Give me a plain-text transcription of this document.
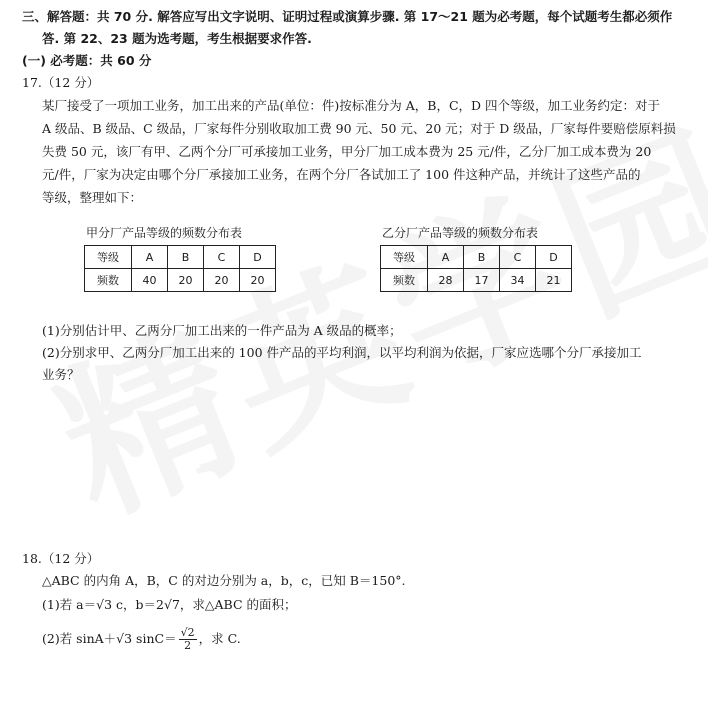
三、解答题：共 70 分. 解答应写出文字说明、证明过程或演算步骤. 第 17～21 题为必考题，每个试题考生都必须作
答. 第 22、23 题为选考题，考生根据要求作答.
(一) 必考题：共 60 分
17.（12 分）
某厂接受了一项加工业务，加工出来的产品(单位：件)按标准分为 A，B，C，D 四个等级，加工业务约定：对于
A 级品、B 级品、C 级品，厂家每件分别收取加工费 90 元、50 元、20 元；对于 D 级品，厂家每件要赔偿原料损
失费 50 元，该厂有甲、乙两个分厂可承接加工业务，甲分厂加工成本费为 25 元/件，乙分厂加工成本费为 20
元/件，厂家为决定由哪个分厂承接加工业务，在两个分厂各试加工了 100 件这种产品，并统计了这些产品的
等级，整理如下：
甲分厂产品等级的频数分布表
等级	A	B	C	D
频数	40	20	20	20
乙分厂产品等级的频数分布表
等级	A	B	C	D
频数	28	17	34	21
(1)分别估计甲、乙两分厂加工出来的一件产品为 A 级品的概率；
(2)分别求甲、乙两分厂加工出来的 100 件产品的平均利润，以平均利润为依据，厂家应选哪个分厂承接加工
业务？
18.（12 分）
△ABC 的内角 A，B，C 的对边分别为 a，b，c，已知 B＝150°.
(1)若 a＝√3 c，b＝2√7，求△ABC 的面积；
(2)若 sinA＋√3 $\sin C= \frac{√2}{2}$ ，求 C.
